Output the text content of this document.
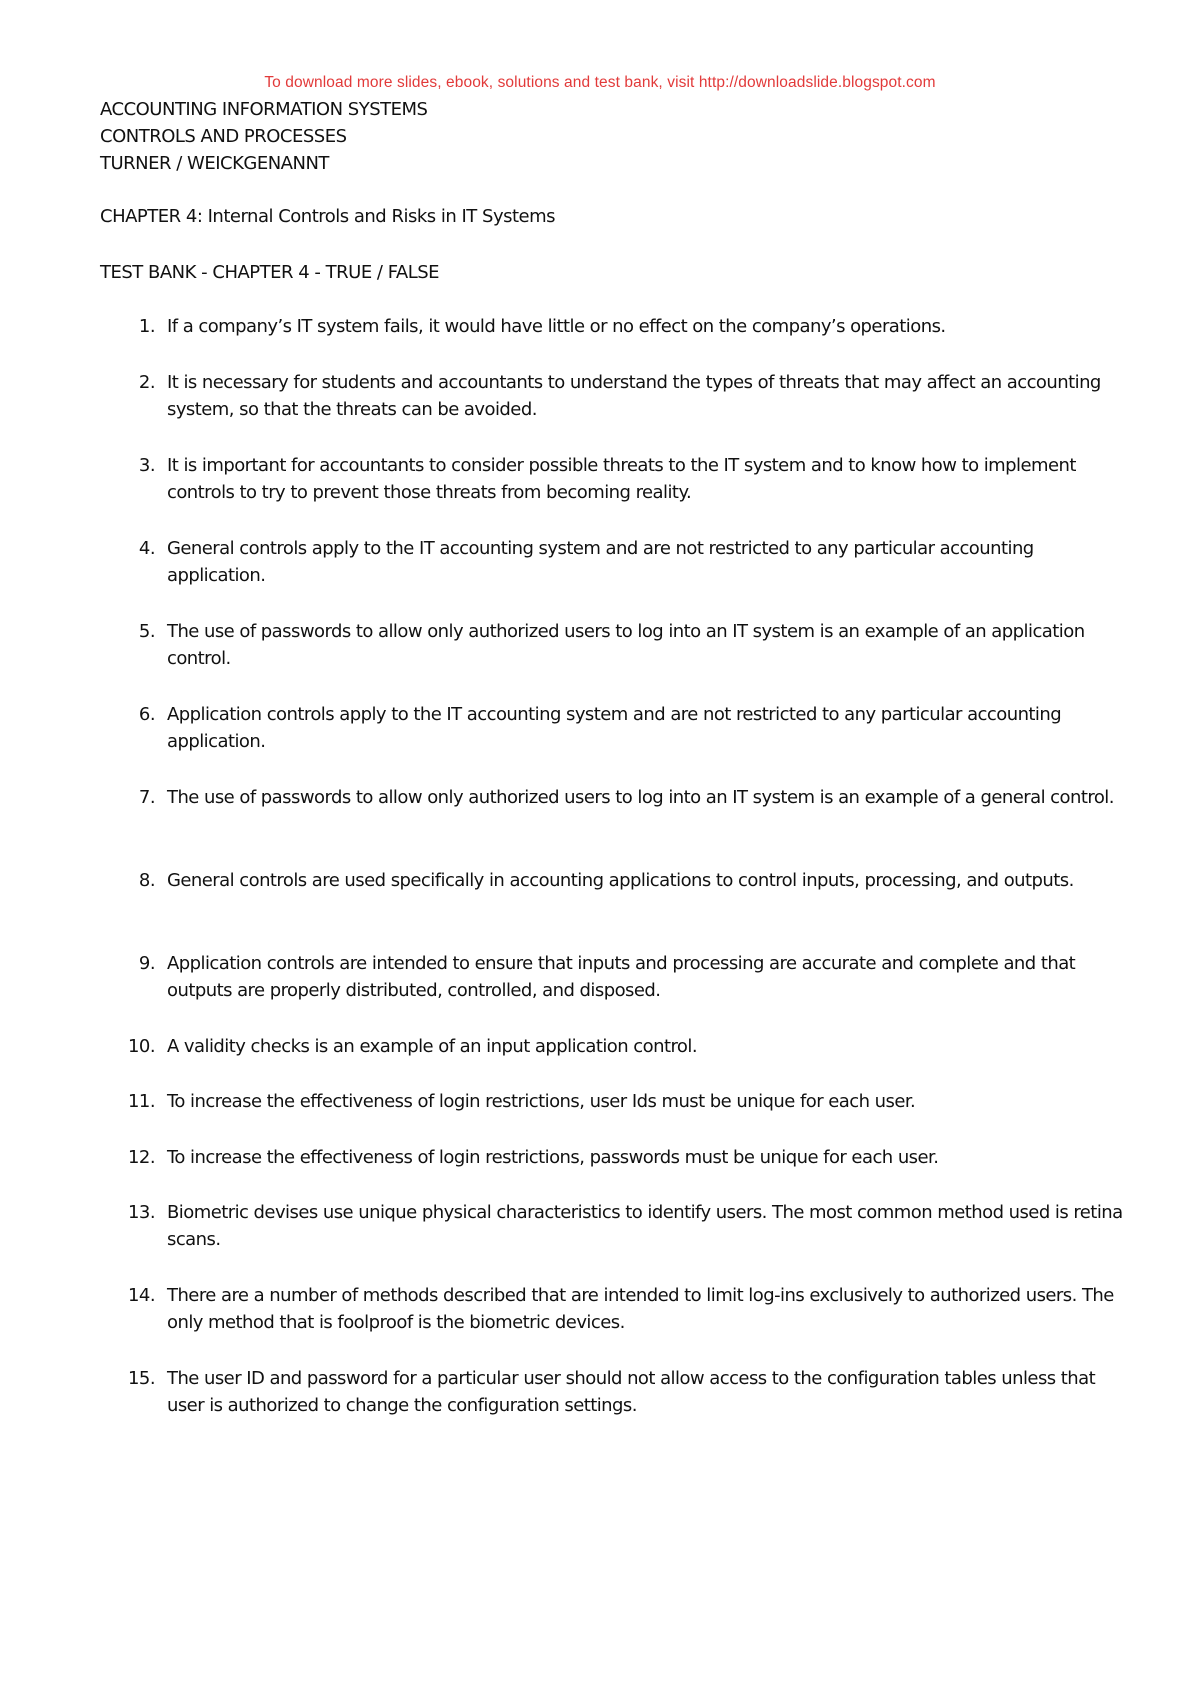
To download more slides, ebook, solutions and test bank, visit http://downloadslide.blogspot.com
ACCOUNTING INFORMATION SYSTEMS
CONTROLS AND PROCESSES
TURNER / WEICKGENANNT
CHAPTER 4: Internal Controls and Risks in IT Systems
TEST BANK - CHAPTER 4 - TRUE / FALSE
1. If a company’s IT system fails, it would have little or no effect on the company’s operations.
2. It is necessary for students and accountants to understand the types of threats that may affect an accounting system, so that the threats can be avoided.
3. It is important for accountants to consider possible threats to the IT system and to know how to implement controls to try to prevent those threats from becoming reality.
4. General controls apply to the IT accounting system and are not restricted to any particular accounting application.
5. The use of passwords to allow only authorized users to log into an IT system is an example of an application control.
6. Application controls apply to the IT accounting system and are not restricted to any particular accounting application.
7. The use of passwords to allow only authorized users to log into an IT system is an example of a general control.
8. General controls are used specifically in accounting applications to control inputs, processing, and outputs.
9. Application controls are intended to ensure that inputs and processing are accurate and complete and that outputs are properly distributed, controlled, and disposed.
10. A validity checks is an example of an input application control.
11. To increase the effectiveness of login restrictions, user Ids must be unique for each user.
12. To increase the effectiveness of login restrictions, passwords must be unique for each user.
13. Biometric devises use unique physical characteristics to identify users. The most common method used is retina scans.
14. There are a number of methods described that are intended to limit log-ins exclusively to authorized users. The only method that is foolproof is the biometric devices.
15. The user ID and password for a particular user should not allow access to the configuration tables unless that user is authorized to change the configuration settings.
